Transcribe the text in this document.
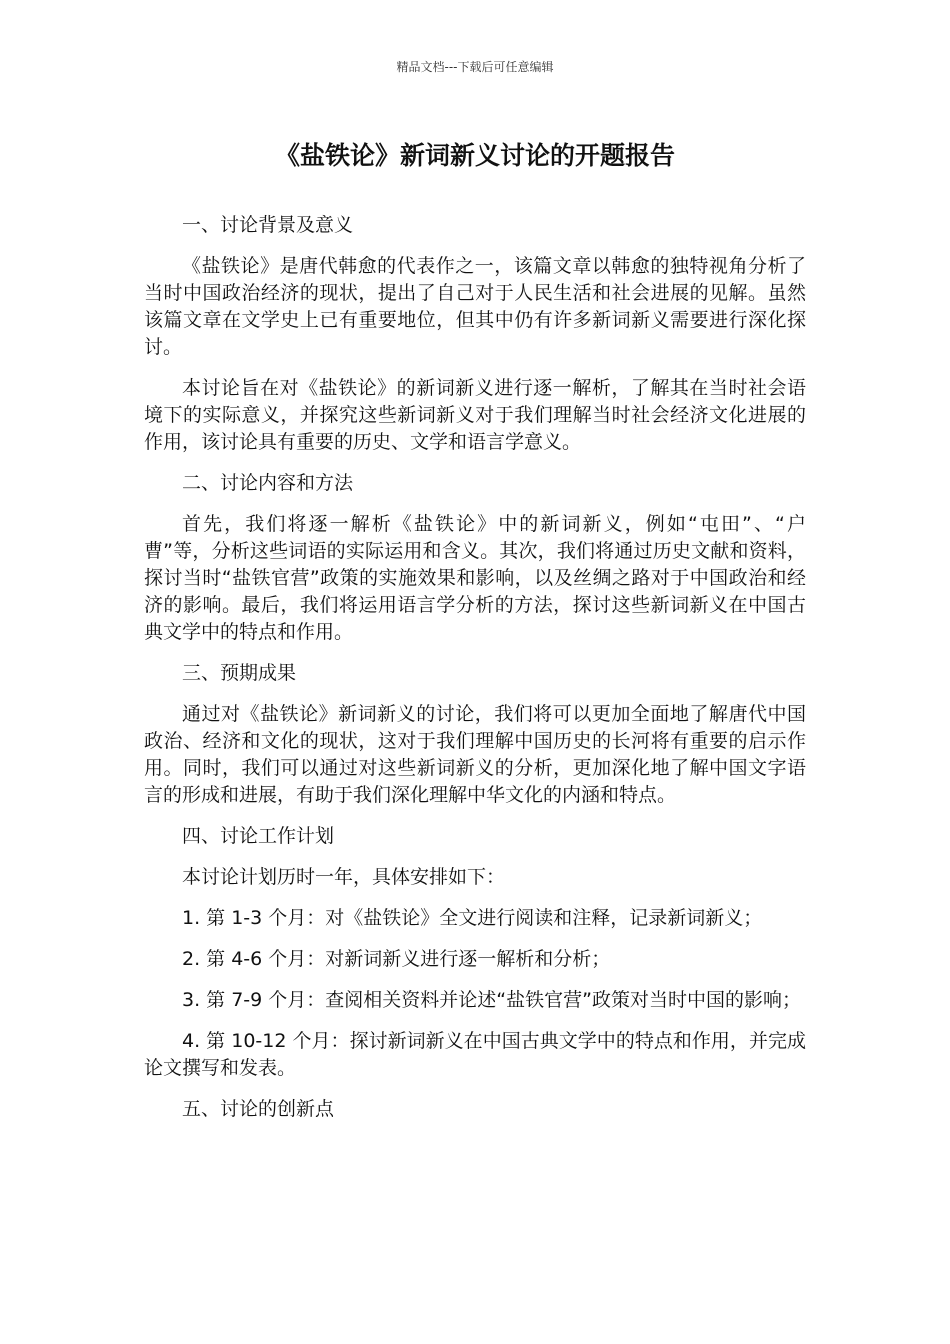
精品文档---下载后可任意编辑
《盐铁论》新词新义讨论的开题报告

一、讨论背景及意义

《盐铁论》是唐代韩愈的代表作之一，该篇文章以韩愈的独特视角分析了当时中国政治经济的现状，提出了自己对于人民生活和社会进展的见解。虽然该篇文章在文学史上已有重要地位，但其中仍有许多新词新义需要进行深化探讨。

本讨论旨在对《盐铁论》的新词新义进行逐一解析，了解其在当时社会语境下的实际意义，并探究这些新词新义对于我们理解当时社会经济文化进展的作用，该讨论具有重要的历史、文学和语言学意义。

二、讨论内容和方法

首先，我们将逐一解析《盐铁论》中的新词新义，例如“屯田”、“户曹”等，分析这些词语的实际运用和含义。其次，我们将通过历史文献和资料，探讨当时“盐铁官营”政策的实施效果和影响，以及丝绸之路对于中国政治和经济的影响。最后，我们将运用语言学分析的方法，探讨这些新词新义在中国古典文学中的特点和作用。

三、预期成果

通过对《盐铁论》新词新义的讨论，我们将可以更加全面地了解唐代中国政治、经济和文化的现状，这对于我们理解中国历史的长河将有重要的启示作用。同时，我们可以通过对这些新词新义的分析，更加深化地了解中国文字语言的形成和进展，有助于我们深化理解中华文化的内涵和特点。

四、讨论工作计划

本讨论计划历时一年，具体安排如下：

1. 第 1-3 个月：对《盐铁论》全文进行阅读和注释，记录新词新义；

2. 第 4-6 个月：对新词新义进行逐一解析和分析；

3. 第 7-9 个月：查阅相关资料并论述“盐铁官营”政策对当时中国的影响；

4. 第 10-12 个月：探讨新词新义在中国古典文学中的特点和作用，并完成论文撰写和发表。

五、讨论的创新点
